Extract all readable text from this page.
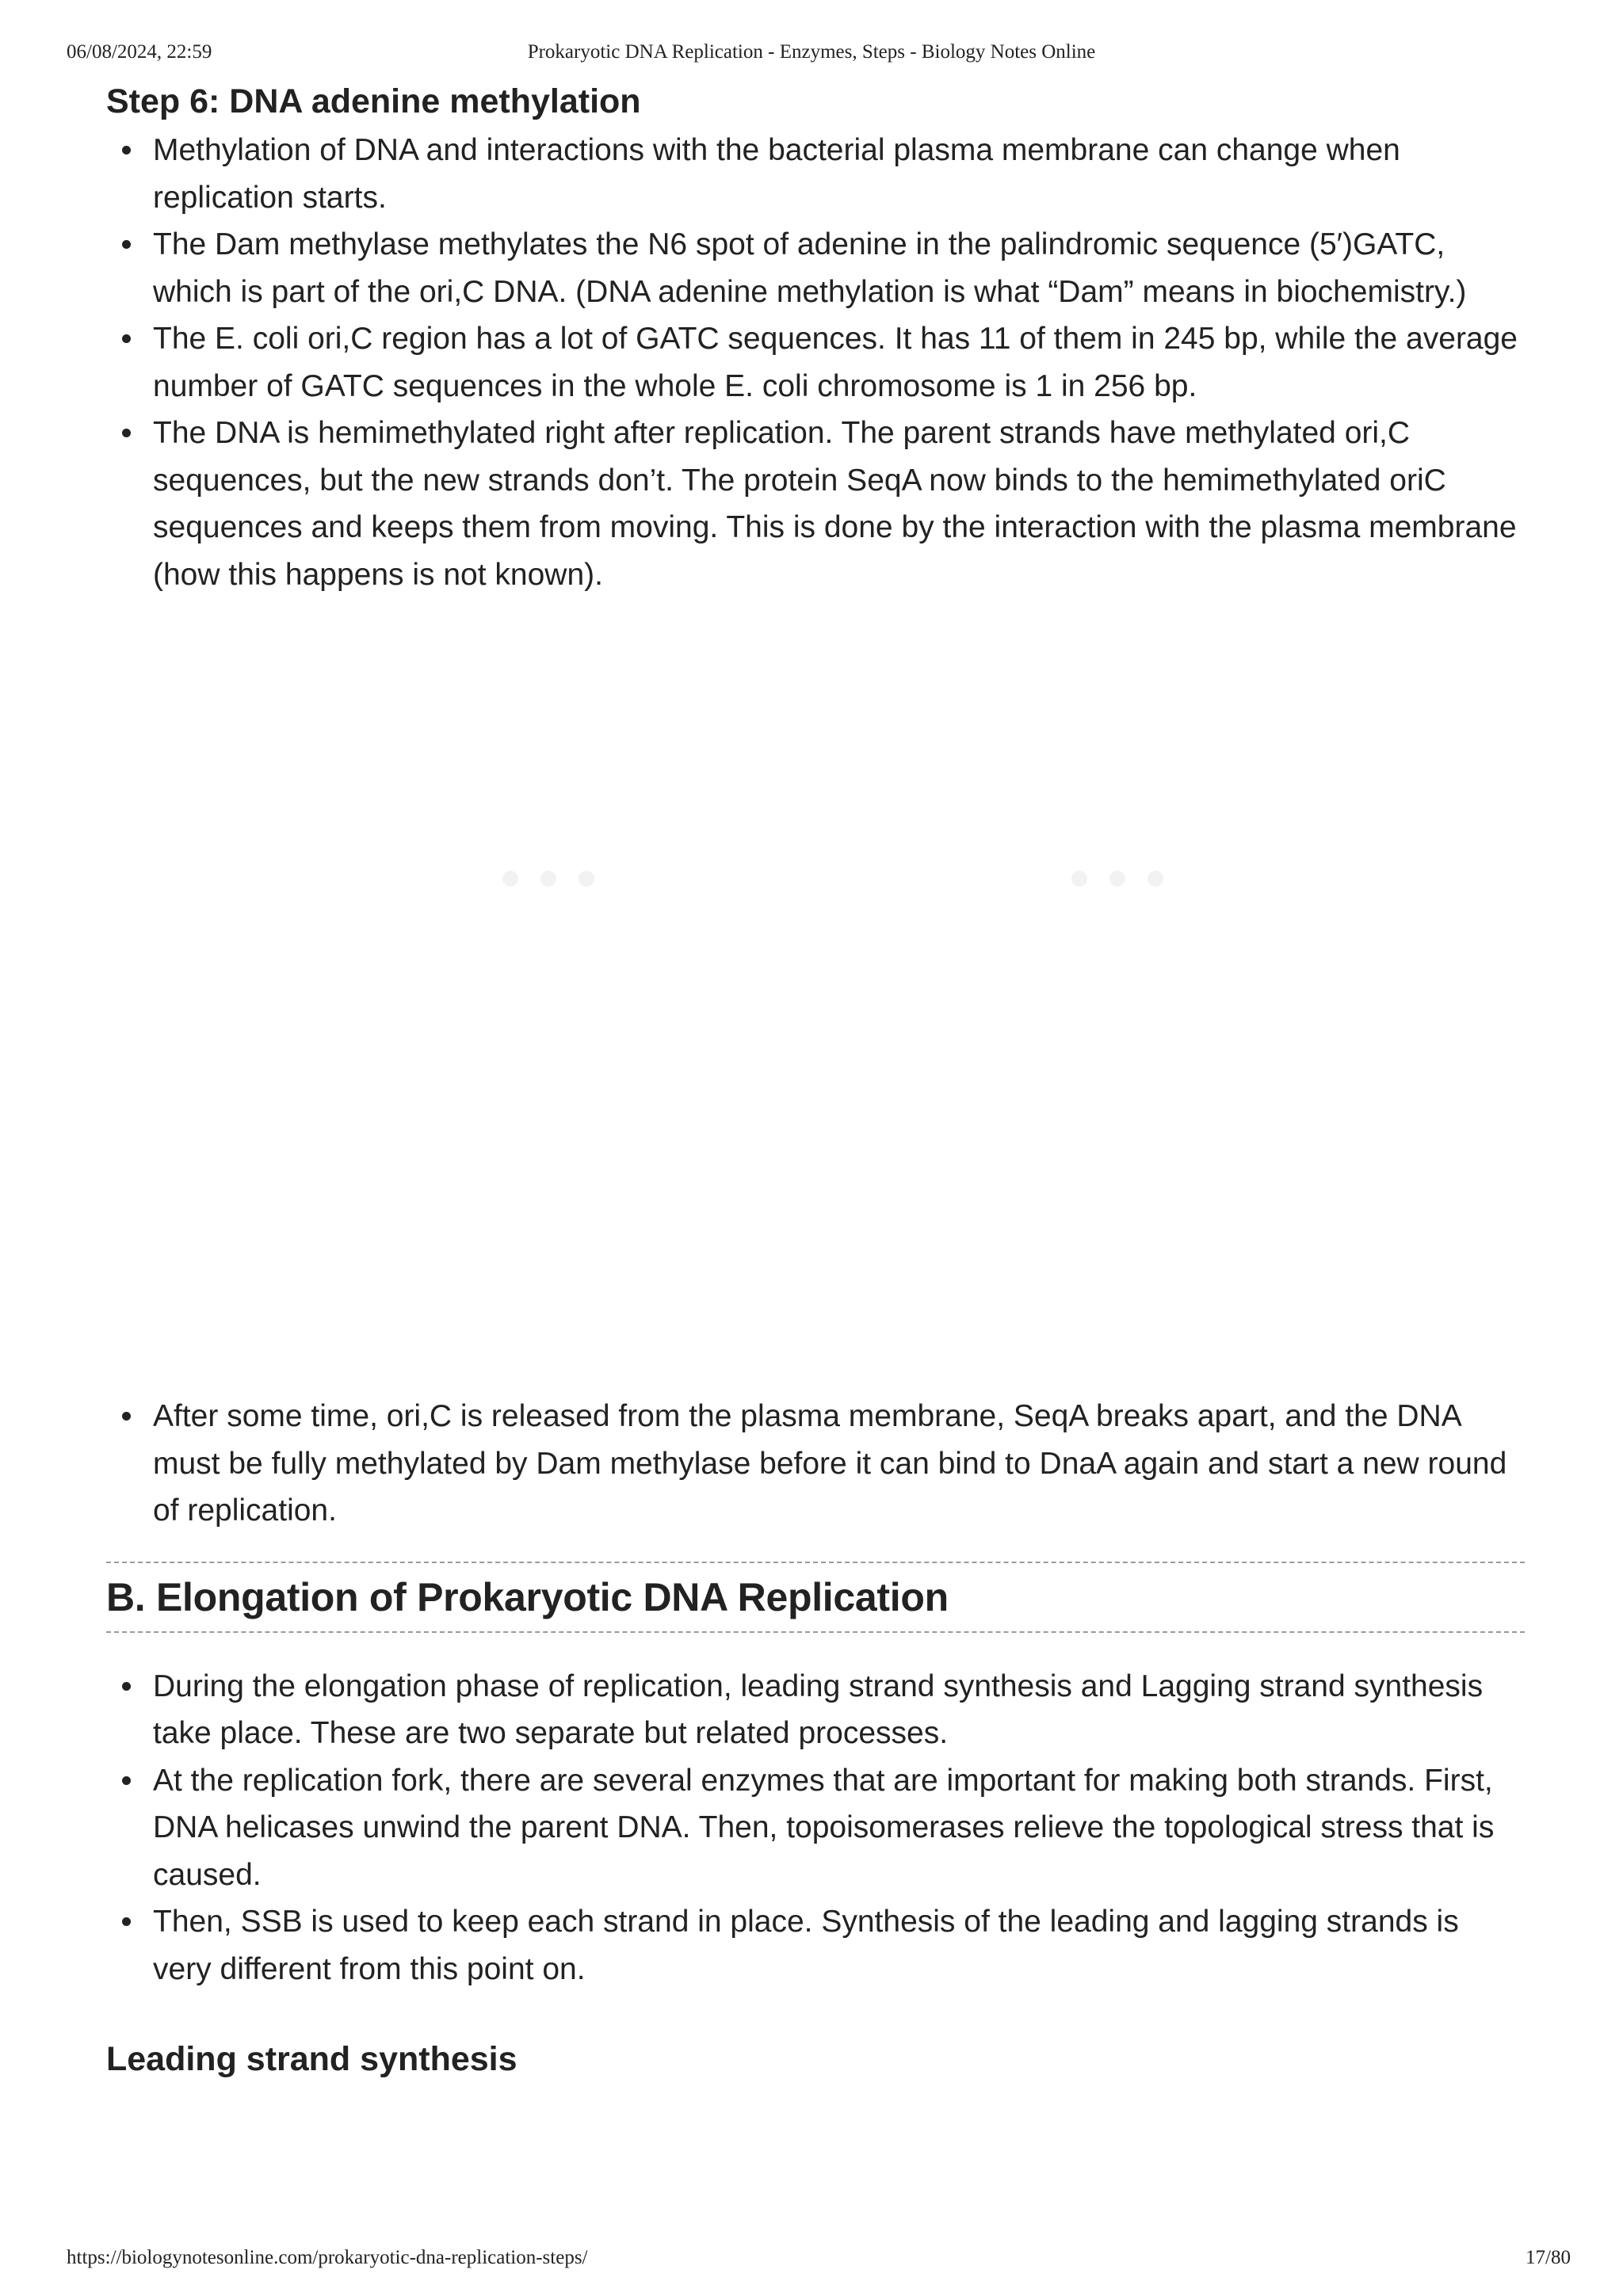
06/08/2024, 22:59	Prokaryotic DNA Replication - Enzymes, Steps - Biology Notes Online
Step 6: DNA adenine methylation
Methylation of DNA and interactions with the bacterial plasma membrane can change when replication starts.
The Dam methylase methylates the N6 spot of adenine in the palindromic sequence (5′)GATC, which is part of the ori,C DNA. (DNA adenine methylation is what “Dam” means in biochemistry.)
The E. coli ori,C region has a lot of GATC sequences. It has 11 of them in 245 bp, while the average number of GATC sequences in the whole E. coli chromosome is 1 in 256 bp.
The DNA is hemimethylated right after replication. The parent strands have methylated ori,C sequences, but the new strands don’t. The protein SeqA now binds to the hemimethylated oriC sequences and keeps them from moving. This is done by the interaction with the plasma membrane (how this happens is not known).
After some time, ori,C is released from the plasma membrane, SeqA breaks apart, and the DNA must be fully methylated by Dam methylase before it can bind to DnaA again and start a new round of replication.
B. Elongation of Prokaryotic DNA Replication
During the elongation phase of replication, leading strand synthesis and Lagging strand synthesis take place. These are two separate but related processes.
At the replication fork, there are several enzymes that are important for making both strands. First, DNA helicases unwind the parent DNA. Then, topoisomerases relieve the topological stress that is caused.
Then, SSB is used to keep each strand in place. Synthesis of the leading and lagging strands is very different from this point on.
Leading strand synthesis
https://biologynotesonline.com/prokaryotic-dna-replication-steps/	17/80
